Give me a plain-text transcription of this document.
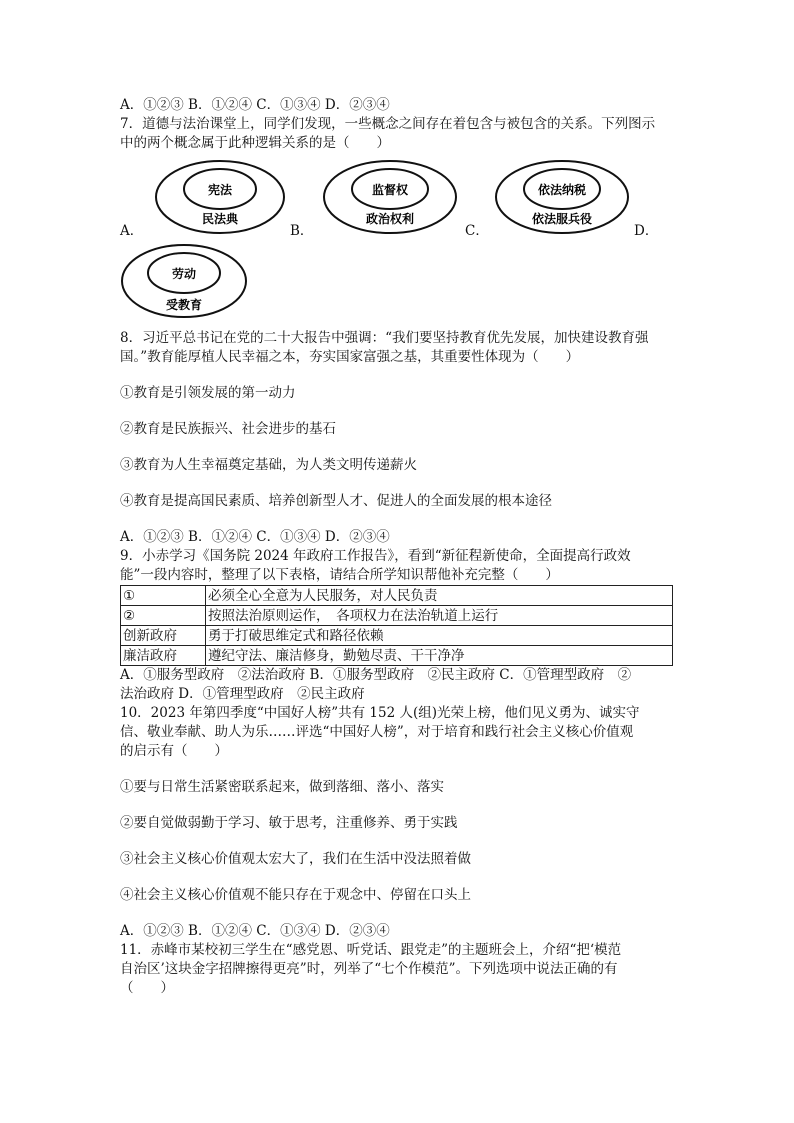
A．①②③ B．①②④ C．①③④ D．②③④
7．道德与法治课堂上，同学们发现，一些概念之间存在着包含与被包含的关系。下列图示
中的两个概念属于此种逻辑关系的是（　　）
宪法
民法典
A．
监督权
政治权利
B．
依法纳税
依法服兵役
C．	D．
劳动
受教育
8．习近平总书记在党的二十大报告中强调：“我们要坚持教育优先发展，加快建设教育强
国。”教育能厚植人民幸福之本，夯实国家富强之基，其重要性体现为（　　）
①教育是引领发展的第一动力
②教育是民族振兴、社会进步的基石
③教育为人生幸福奠定基础，为人类文明传递薪火
④教育是提高国民素质、培养创新型人才、促进人的全面发展的根本途径
A．①②③ B．①②④ C．①③④ D．②③④
9．小赤学习《国务院 2024 年政府工作报告》，看到“新征程新使命，全面提高行政效
能”一段内容时，整理了以下表格，请结合所学知识帮他补充完整（　　）
①	必须全心全意为人民服务，对人民负责
②	按照法治原则运作，　各项权力在法治轨道上运行
创新政府	勇于打破思维定式和路径依赖
廉洁政府	遵纪守法、廉洁修身，勤勉尽责、干干净净
A．①服务型政府　②法治政府 B．①服务型政府　②民主政府 C．①管理型政府　②
法治政府 D．①管理型政府　②民主政府
10．2023 年第四季度“中国好人榜”共有 152 人(组)光荣上榜，他们见义勇为、诚实守
信、敬业奉献、助人为乐……评选“中国好人榜”，对于培育和践行社会主义核心价值观
的启示有（　　）
①要与日常生活紧密联系起来，做到落细、落小、落实
②要自觉做弱勤于学习、敏于思考，注重修养、勇于实践
③社会主义核心价值观太宏大了，我们在生活中没法照着做
④社会主义核心价值观不能只存在于观念中、停留在口头上
A．①②③ B．①②④ C．①③④ D．②③④
11．赤峰市某校初三学生在“感党恩、听党话、跟党走”的主题班会上，介绍“把‘模范
自治区’这块金字招牌擦得更亮”时，列举了“七个作模范”。下列选项中说法正确的有
（　　）
